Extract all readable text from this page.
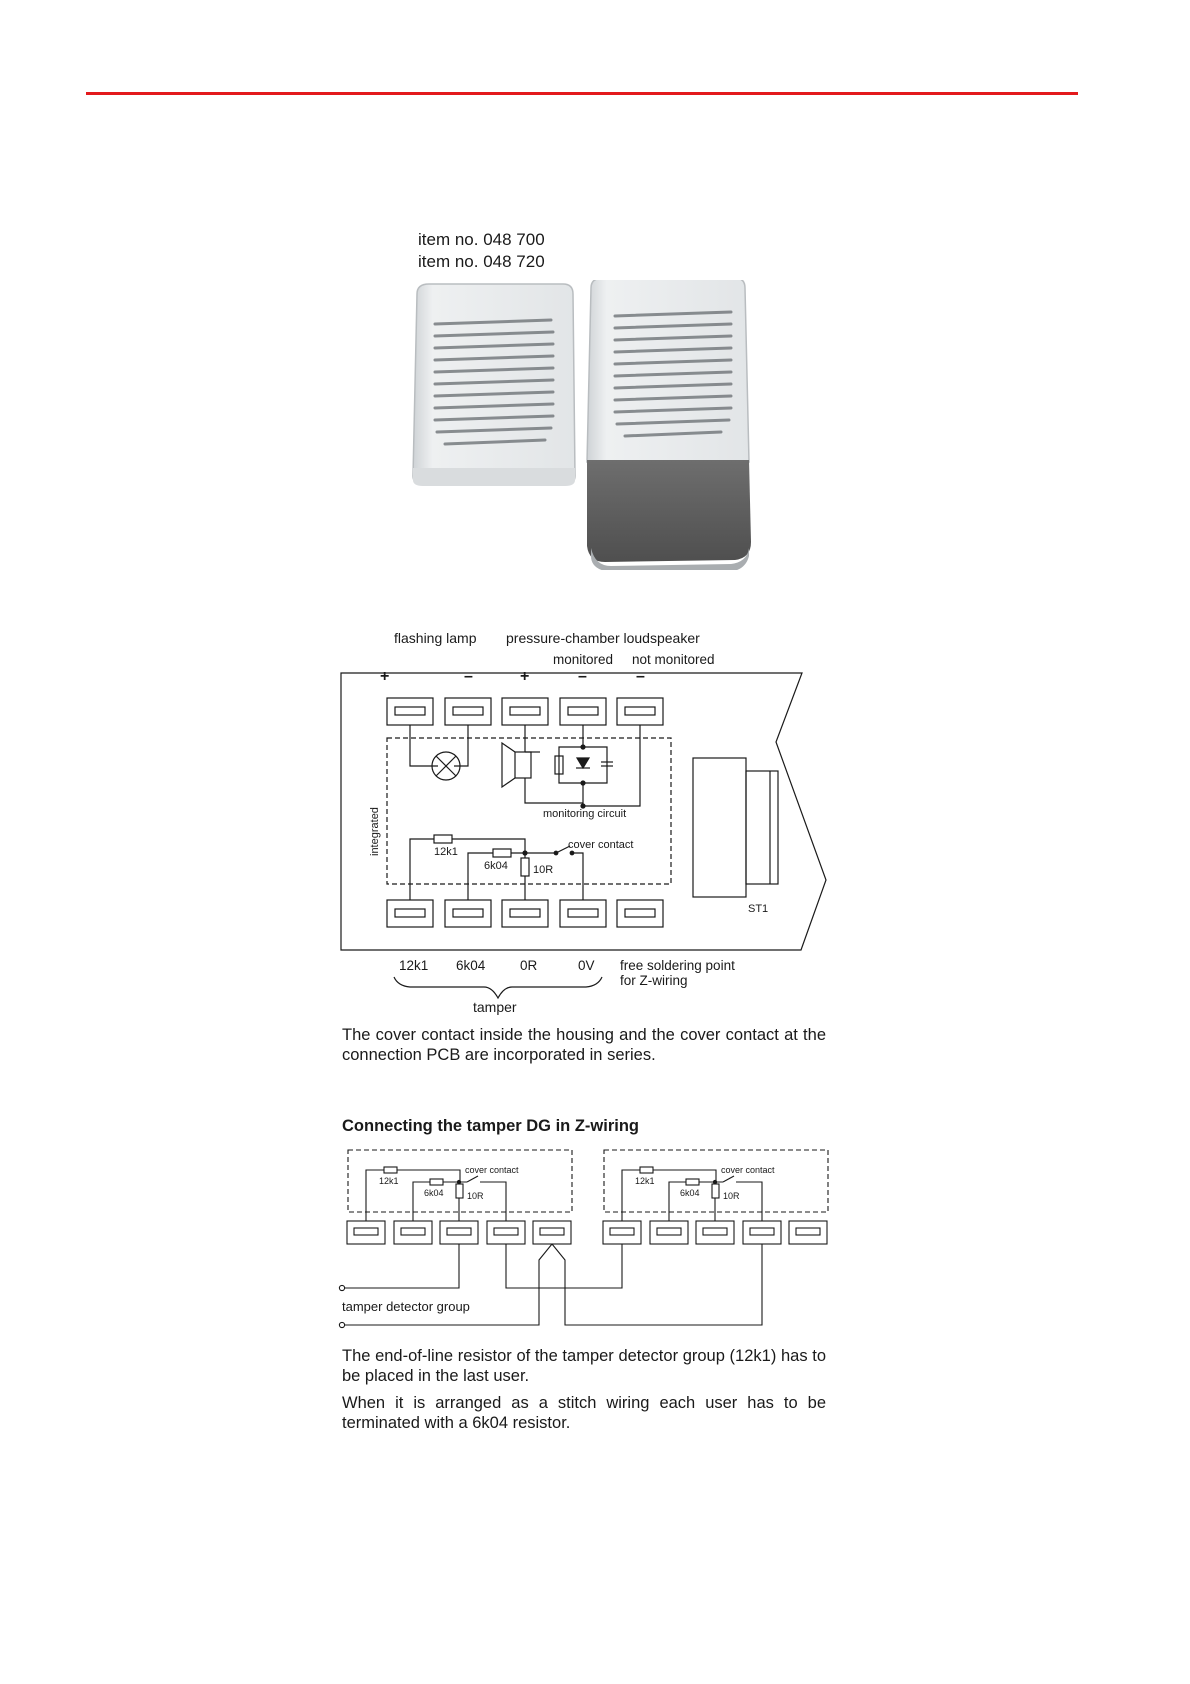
item no. 048 700
item no. 048 720
flashing lamp pressure-chamber loudspeaker
monitored not monitored
+	–	+	–	–
integrated	monitoring circuit
cover contact
12k1
6k04 10R
ST1
12k1 6k04	0R	0V free soldering point
for Z-wiring
tamper
The cover contact inside the housing and the cover contact at the connection PCB are incorporated in series.
Connecting the tamper DG in Z-wiring
cover contact
12k1
6k04	10R
cover contact
12k1
6k04	10R
tamper detector group
The end-of-line resistor of the tamper detector group (12k1) has to be placed in the last user.
When it is arranged as a stitch wiring each user has to be terminated with a 6k04 resistor.
